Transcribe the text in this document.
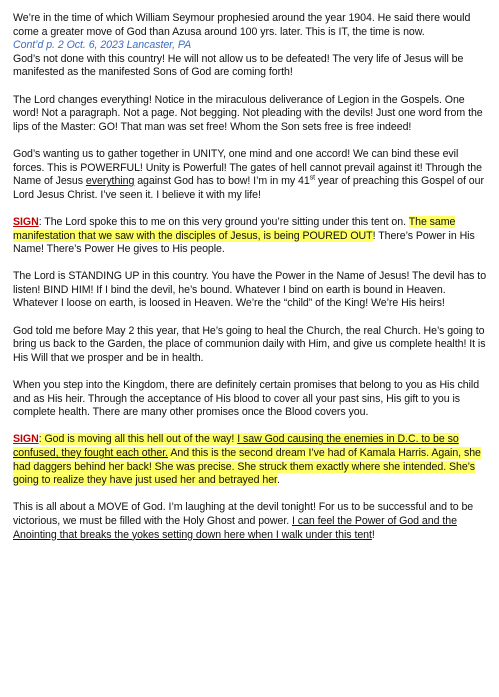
We’re in the time of which William Seymour prophesied around the year 1904. He said there would come a greater move of God than Azusa around 100 yrs. later. This is IT, the time is now.

Cont’d p. 2 Oct. 6, 2023 Lancaster, PA

God’s not done with this country! He will not allow us to be defeated! The very life of Jesus will be manifested as the manifested Sons of God are coming forth!

The Lord changes everything! Notice in the miraculous deliverance of Legion in the Gospels. One word! Not a paragraph. Not a page. Not begging. Not pleading with the devils! Just one word from the lips of the Master: GO! That man was set free! Whom the Son sets free is free indeed!

God’s wanting us to gather together in UNITY, one mind and one accord! We can bind these evil forces. This is POWERFUL! Unity is Powerful! The gates of hell cannot prevail against it! Through the Name of Jesus everything against God has to bow! I’m in my 41st year of preaching this Gospel of our Lord Jesus Christ. I’ve seen it. I believe it with my life!

SIGN: The Lord spoke this to me on this very ground you’re sitting under this tent on. The same manifestation that we saw with the disciples of Jesus, is being POURED OUT! There’s Power in His Name! There’s Power He gives to His people.

The Lord is STANDING UP in this country. You have the Power in the Name of Jesus! The devil has to listen! BIND HIM! If I bind the devil, he’s bound. Whatever I bind on earth is bound in Heaven. Whatever I loose on earth, is loosed in Heaven. We’re the “child” of the King! We’re His heirs!

God told me before May 2 this year, that He’s going to heal the Church, the real Church. He’s going to bring us back to the Garden, the place of communion daily with Him, and give us complete health! It is His Will that we prosper and be in health.

When you step into the Kingdom, there are definitely certain promises that belong to you as His child and as His heir. Through the acceptance of His blood to cover all your past sins, His gift to you is complete health. There are many other promises once the Blood covers you.

SIGN: God is moving all this hell out of the way! I saw God causing the enemies in D.C. to be so confused, they fought each other. And this is the second dream I’ve had of Kamala Harris. Again, she had daggers behind her back! She was precise. She struck them exactly where she intended. She’s going to realize they have just used her and betrayed her.

This is all about a MOVE of God. I’m laughing at the devil tonight! For us to be successful and to be victorious, we must be filled with the Holy Ghost and power. I can feel the Power of God and the Anointing that breaks the yokes setting down here when I walk under this tent!
